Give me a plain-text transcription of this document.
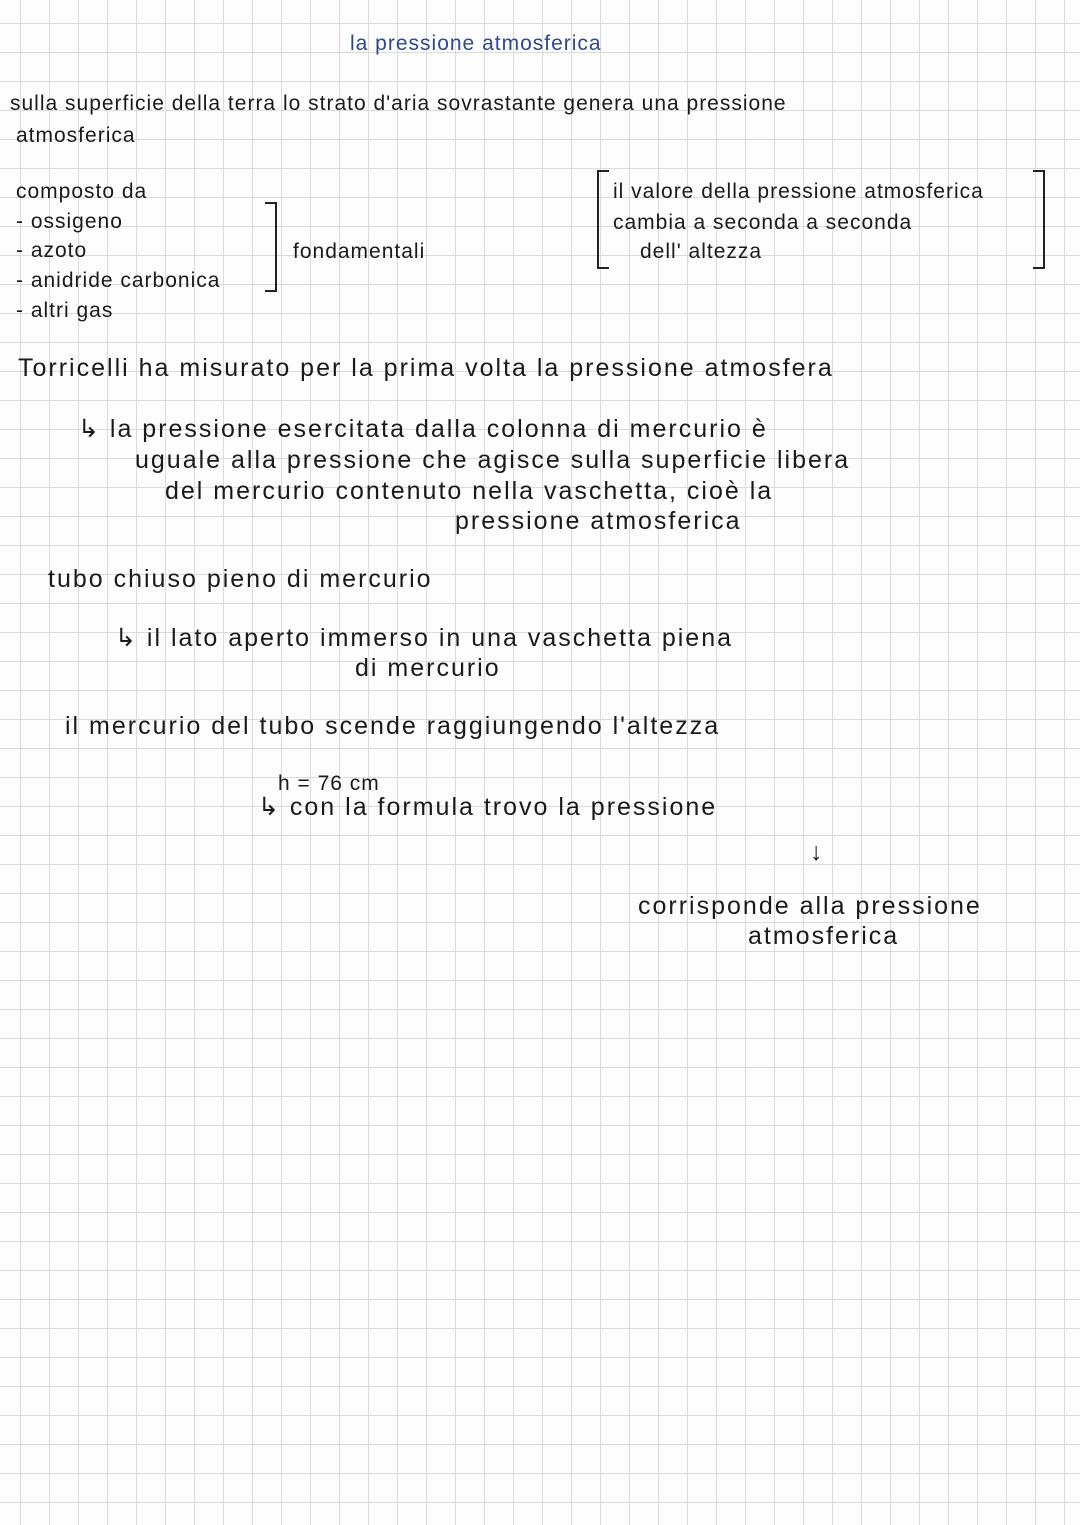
la pressione atmosferica
sulla superficie della terra lo strato d'aria sovrastante genera una pressione
atmosferica
composto da
- ossigeno
- azoto
- anidride carbonica
- altri gas
fondamentali
il valore della pressione atmosferica
cambia a seconda a seconda
dell' altezza
Torricelli ha misurato per la prima volta la pressione atmosfera
↳ la pressione esercitata dalla colonna di mercurio è
uguale alla pressione che agisce sulla superficie libera
del mercurio contenuto nella vaschetta, cioè la
pressione atmosferica
tubo chiuso pieno di mercurio
↳ il lato aperto immerso in una vaschetta piena
di mercurio
il mercurio del tubo scende raggiungendo l'altezza
h = 76 cm
↳ con la formula trovo la pressione
↓
corrisponde alla pressione
atmosferica
